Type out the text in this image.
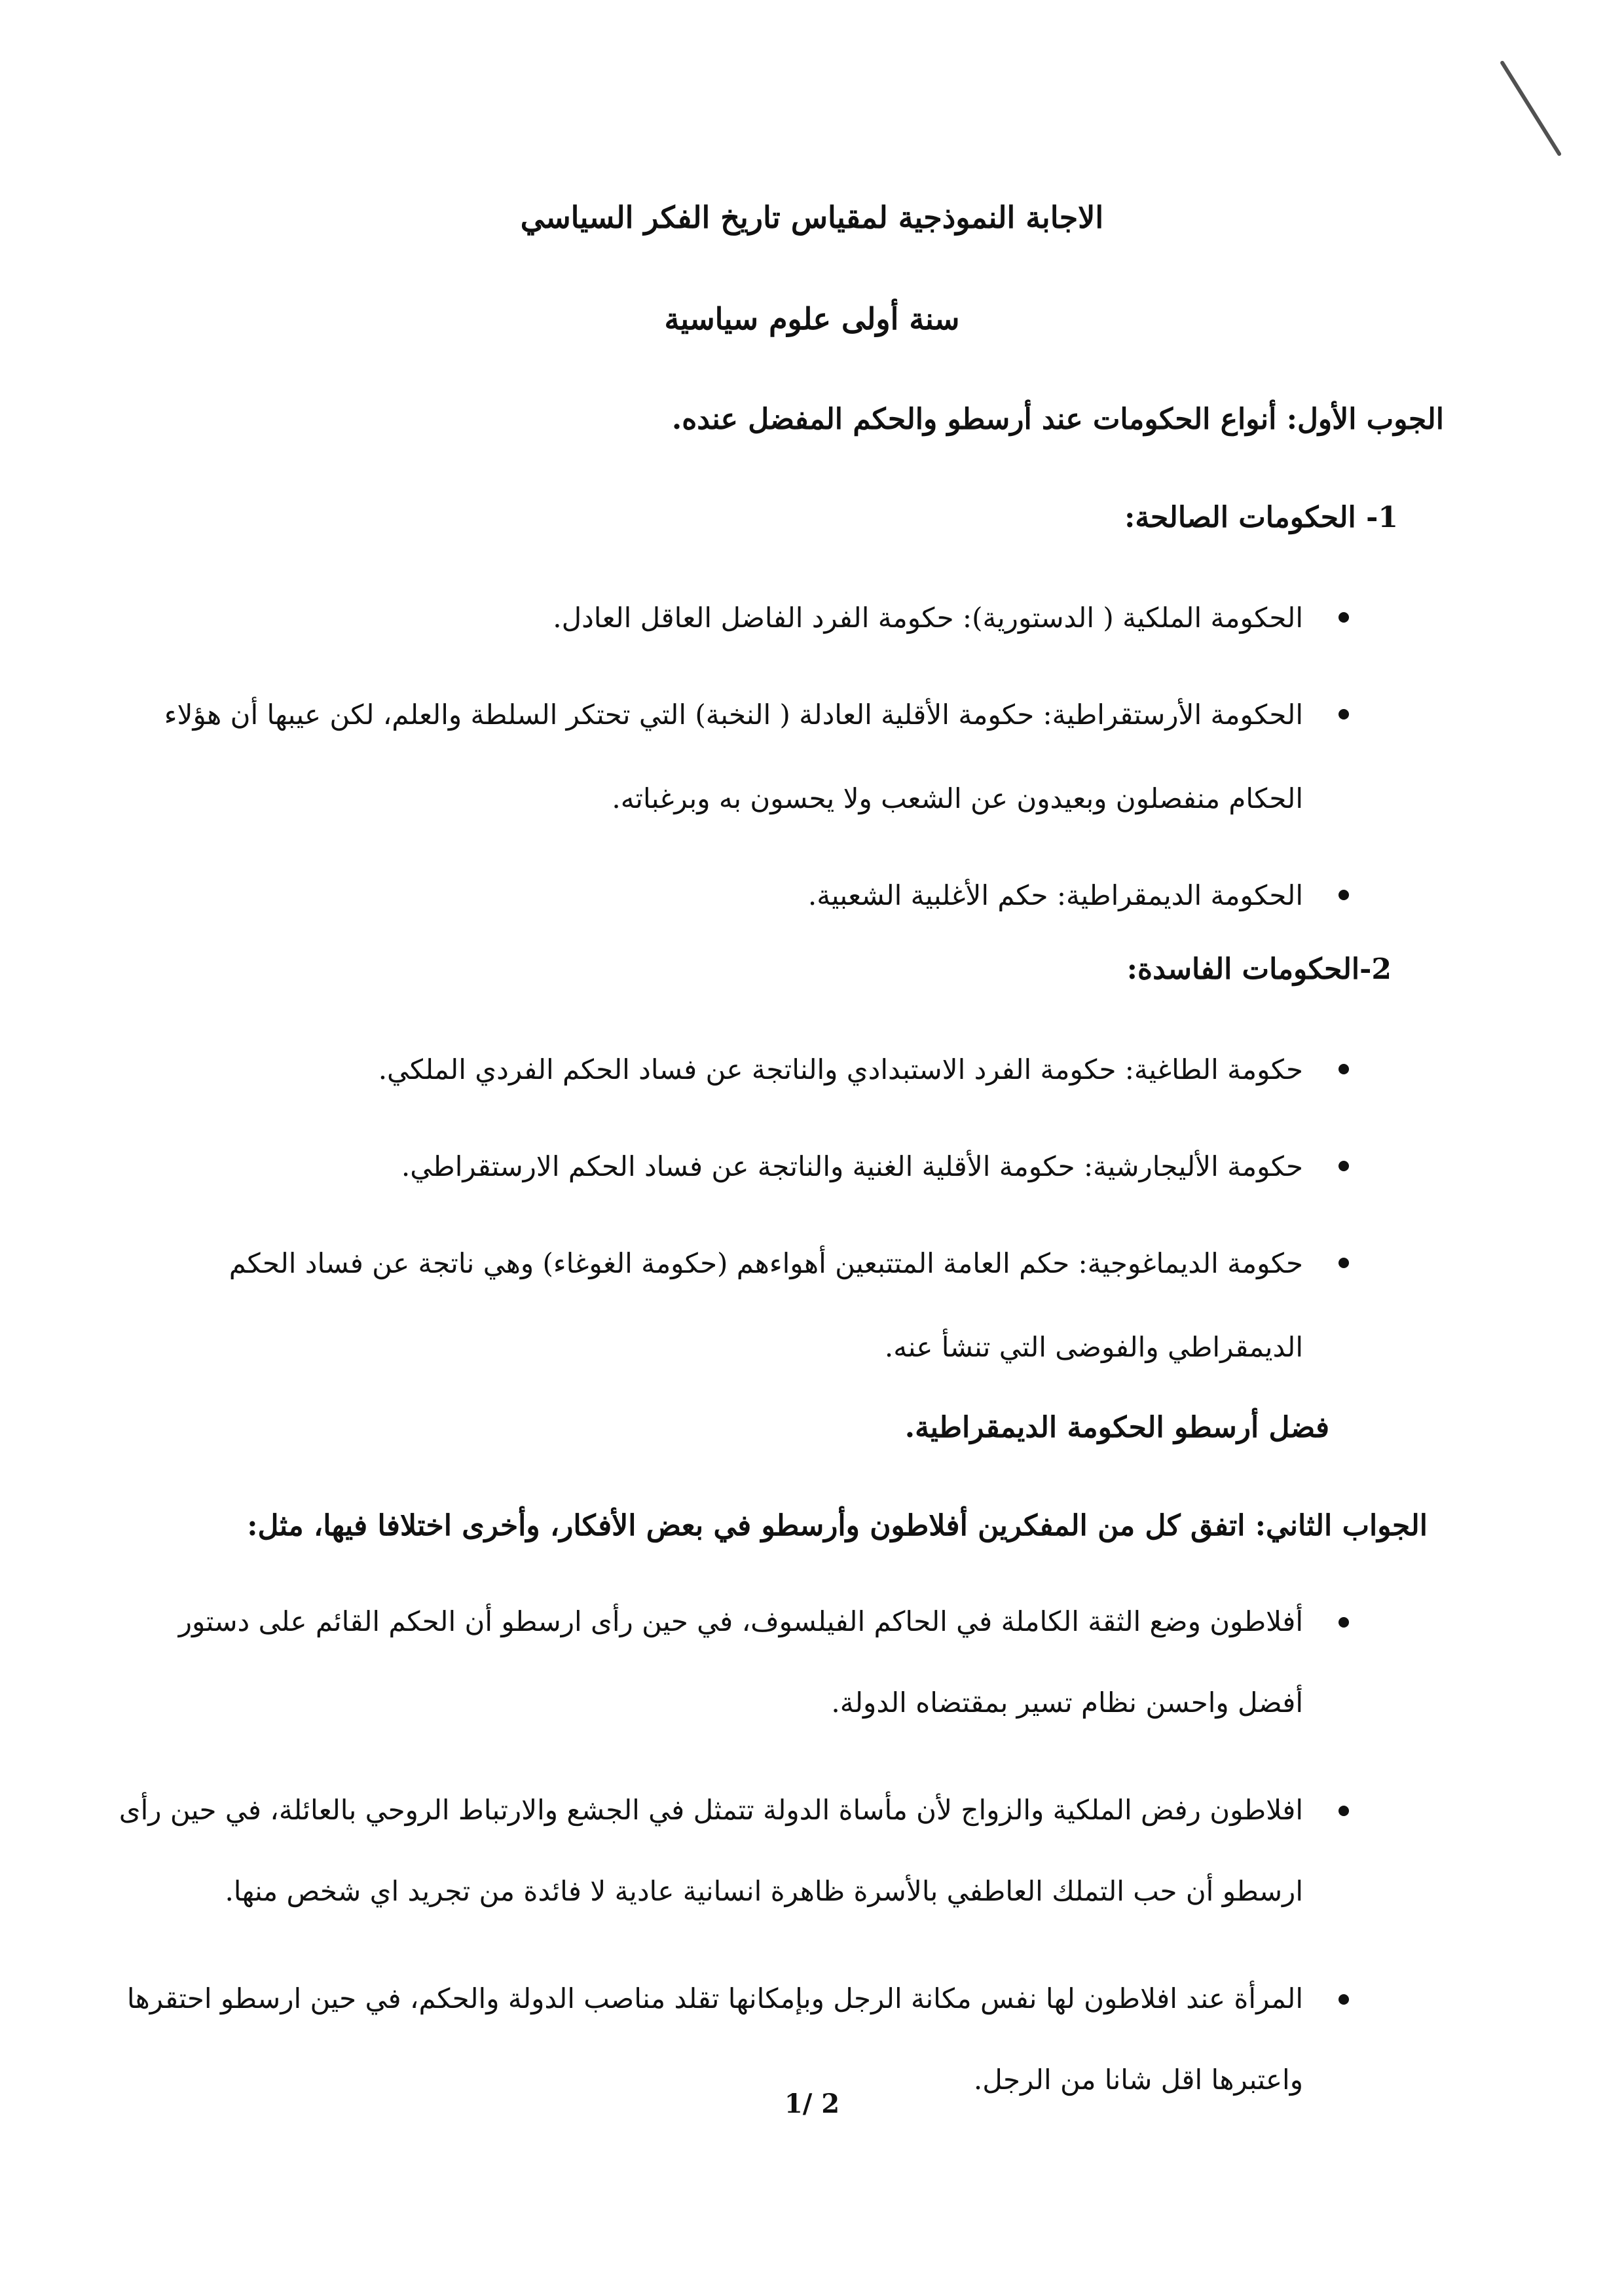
الاجابة النموذجية لمقياس تاريخ الفكر السياسي
سنة أولى علوم سياسية
الجوب الأول: أنواع الحكومات عند أرسطو والحكم المفضل عنده.
1- الحكومات الصالحة:
الحكومة الملكية ( الدستورية): حكومة الفرد الفاضل العاقل العادل.
الحكومة الأرستقراطية: حكومة الأقلية العادلة ( النخبة) التي تحتكر السلطة والعلم، لكن عيبها أن هؤلاء الحكام منفصلون وبعيدون عن الشعب ولا يحسون به وبرغباته.
الحكومة الديمقراطية: حكم الأغلبية الشعبية.
2-الحكومات الفاسدة:
حكومة الطاغية: حكومة الفرد الاستبدادي والناتجة عن فساد الحكم الفردي الملكي.
حكومة الأليجارشية: حكومة الأقلية الغنية والناتجة عن فساد الحكم الارستقراطي.
حكومة الديماغوجية: حكم العامة المتتبعين أهواءهم (حكومة الغوغاء) وهي ناتجة عن فساد الحكم الديمقراطي والفوضى التي تنشأ عنه.
فضل أرسطو الحكومة الديمقراطية.
الجواب الثاني: اتفق كل من المفكرين أفلاطون وأرسطو في بعض الأفكار، وأخرى اختلافا فيها، مثل:
أفلاطون وضع الثقة الكاملة في الحاكم الفيلسوف، في حين رأى ارسطو أن الحكم القائم على دستور أفضل واحسن نظام تسير بمقتضاه الدولة.
افلاطون رفض الملكية والزواج لأن مأساة الدولة تتمثل في الجشع والارتباط الروحي بالعائلة، في حين رأى ارسطو أن حب التملك العاطفي بالأسرة ظاهرة انسانية عادية لا فائدة من تجريد اي شخص منها.
المرأة عند افلاطون لها نفس مكانة الرجل وبإمكانها تقلد مناصب الدولة والحكم، في حين ارسطو احتقرها واعتبرها اقل شانا من الرجل.
1/ 2
